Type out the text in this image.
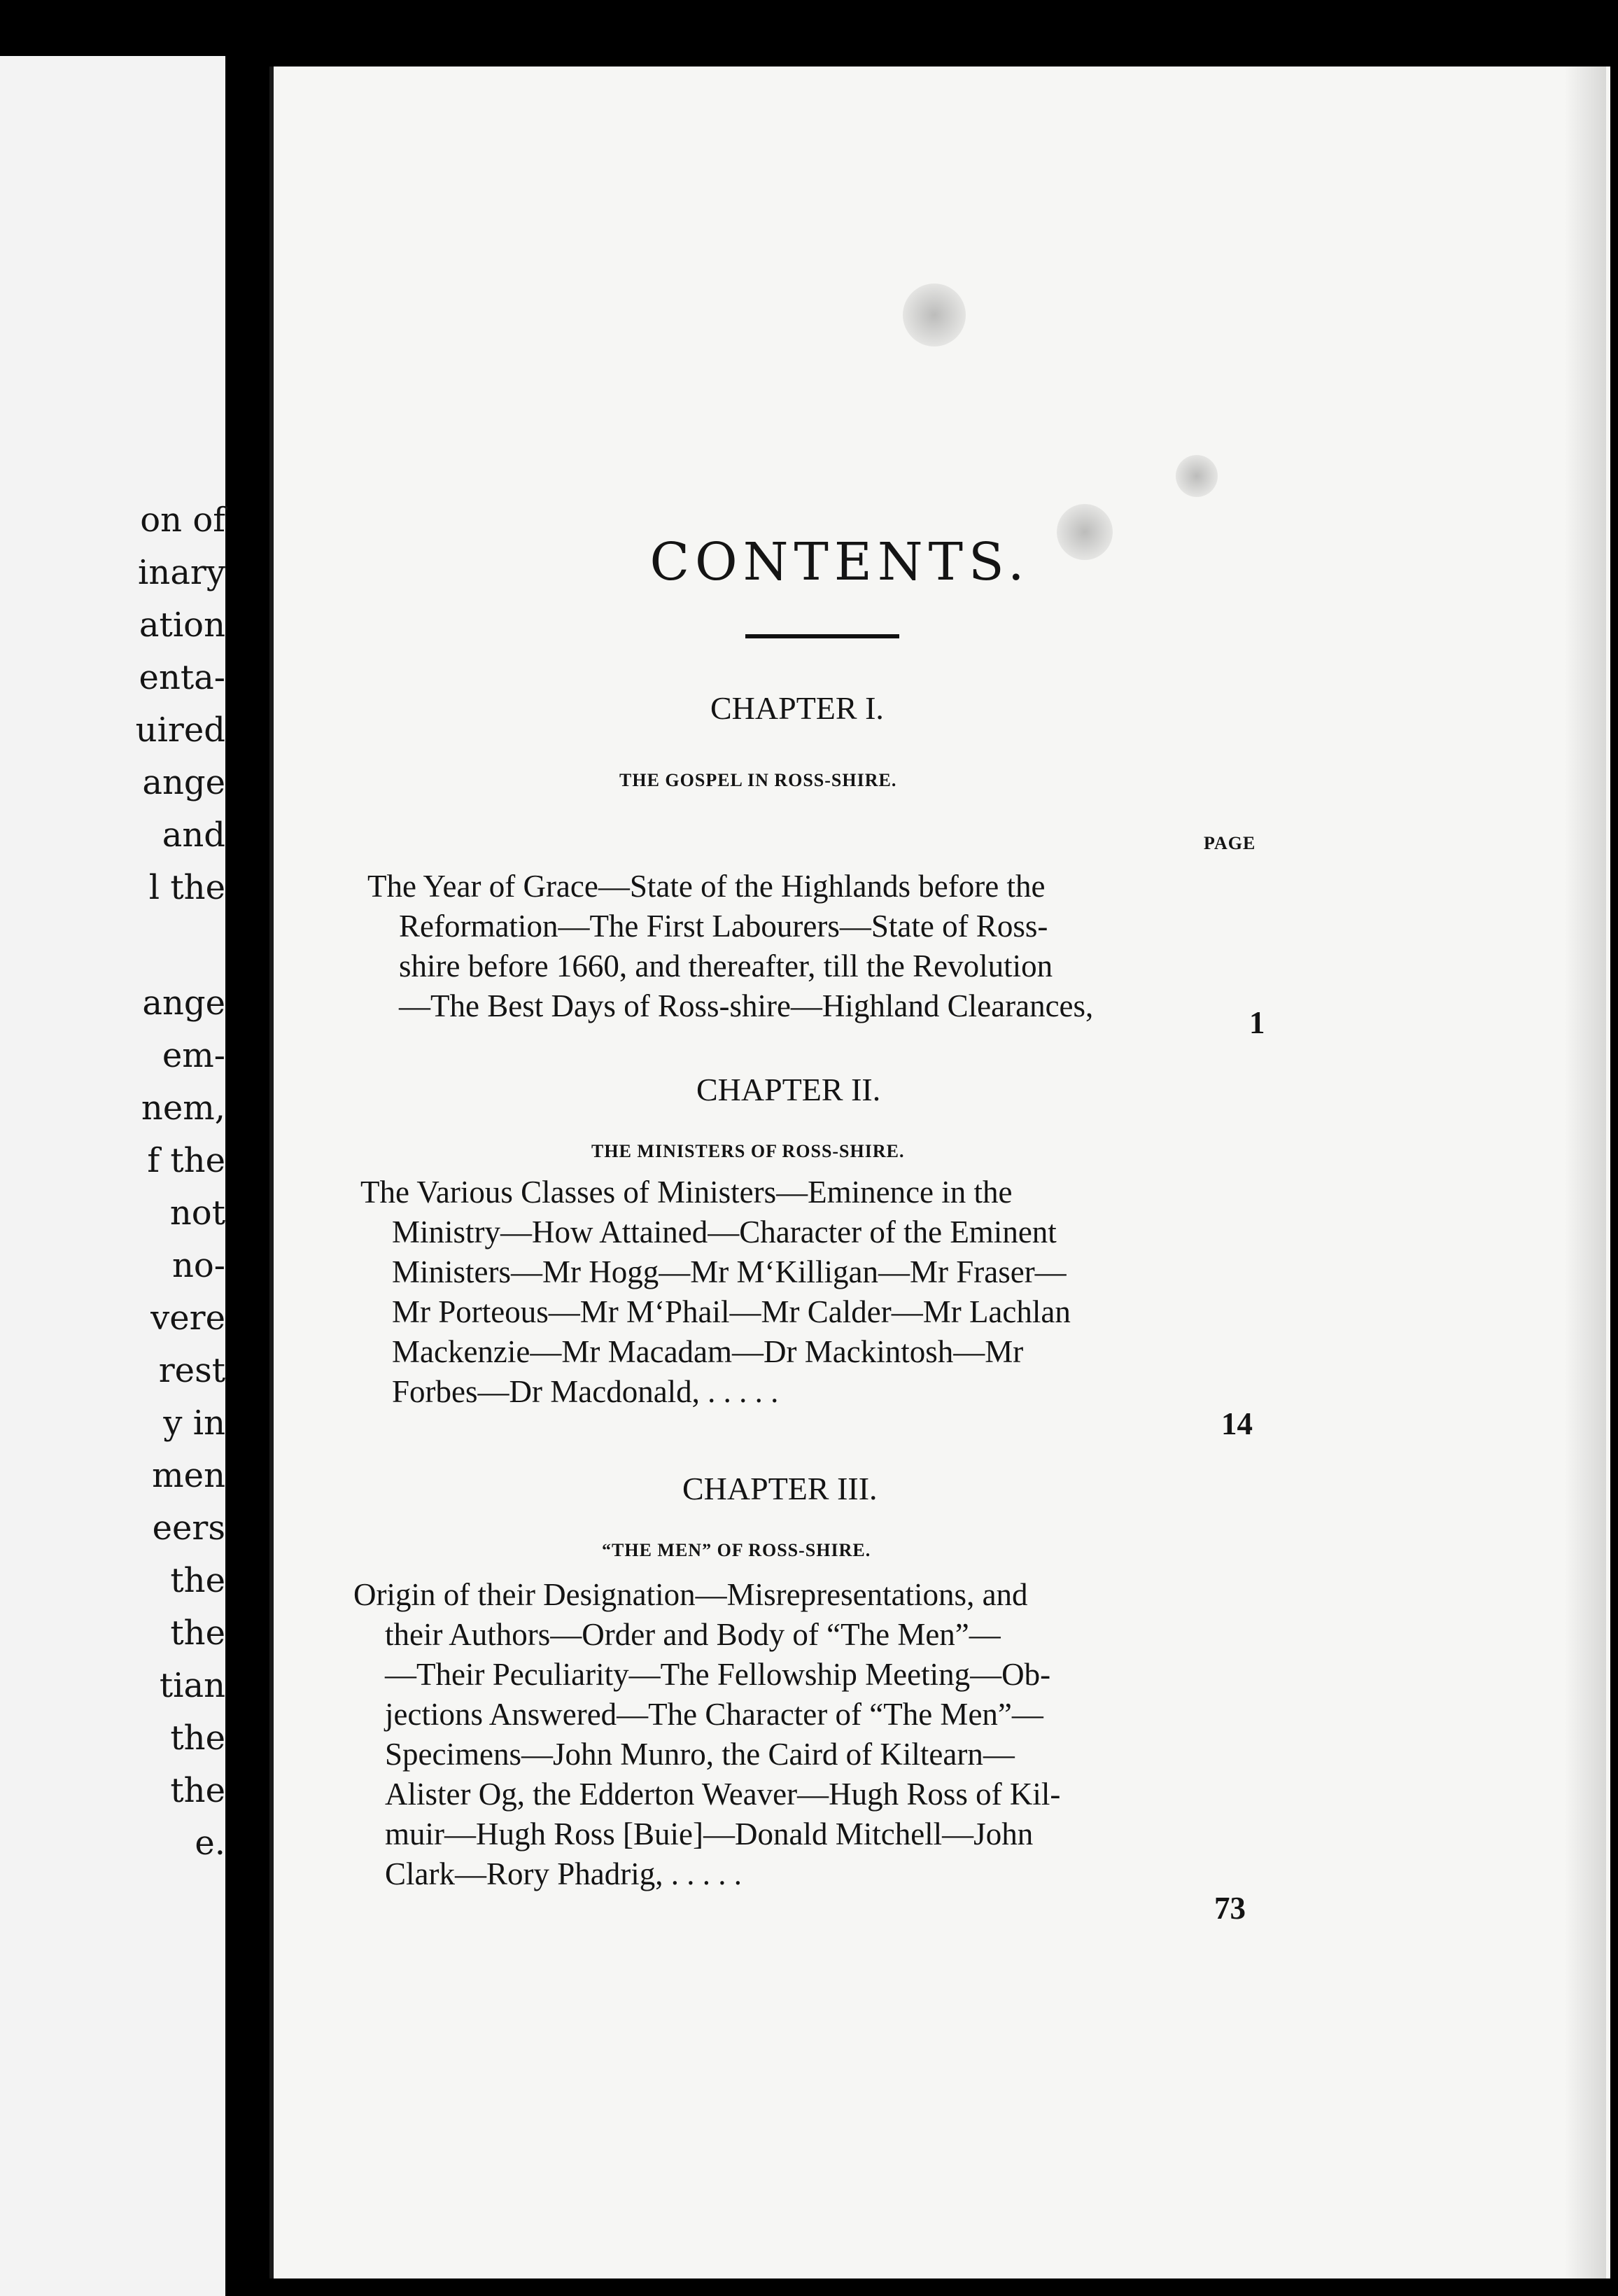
on of
inary
ation
enta-
uired
ange
and
l the
ange
em-
nem,
f the
not
no-
vere
rest
y in
men
eers
the
the
tian
the
the
e.
CONTENTS.
CHAPTER I.
THE GOSPEL IN ROSS-SHIRE.
PAGE
The Year of Grace—State of the Highlands before the
Reformation—The First Labourers—State of Ross-
shire before 1660, and thereafter, till the Revolution
—The Best Days of Ross-shire—Highland Clearances,	1
CHAPTER II.
THE MINISTERS OF ROSS-SHIRE.
The Various Classes of Ministers—Eminence in the
Ministry—How Attained—Character of the Eminent
Ministers—Mr Hogg—Mr M‘Killigan—Mr Fraser—
Mr Porteous—Mr M‘Phail—Mr Calder—Mr Lachlan
Mackenzie—Mr Macadam—Dr Mackintosh—Mr
Forbes—Dr Macdonald, . . . . .
14
CHAPTER III.
“THE MEN” OF ROSS-SHIRE.
Origin of their Designation—Misrepresentations, and
their Authors—Order and Body of “The Men”—
—Their Peculiarity—The Fellowship Meeting—Ob-
jections Answered—The Character of “The Men”—
Specimens—John Munro, the Caird of Kiltearn—
Alister Og, the Edderton Weaver—Hugh Ross of Kil-
muir—Hugh Ross [Buie]—Donald Mitchell—John
Clark—Rory Phadrig, . . . . .
73
